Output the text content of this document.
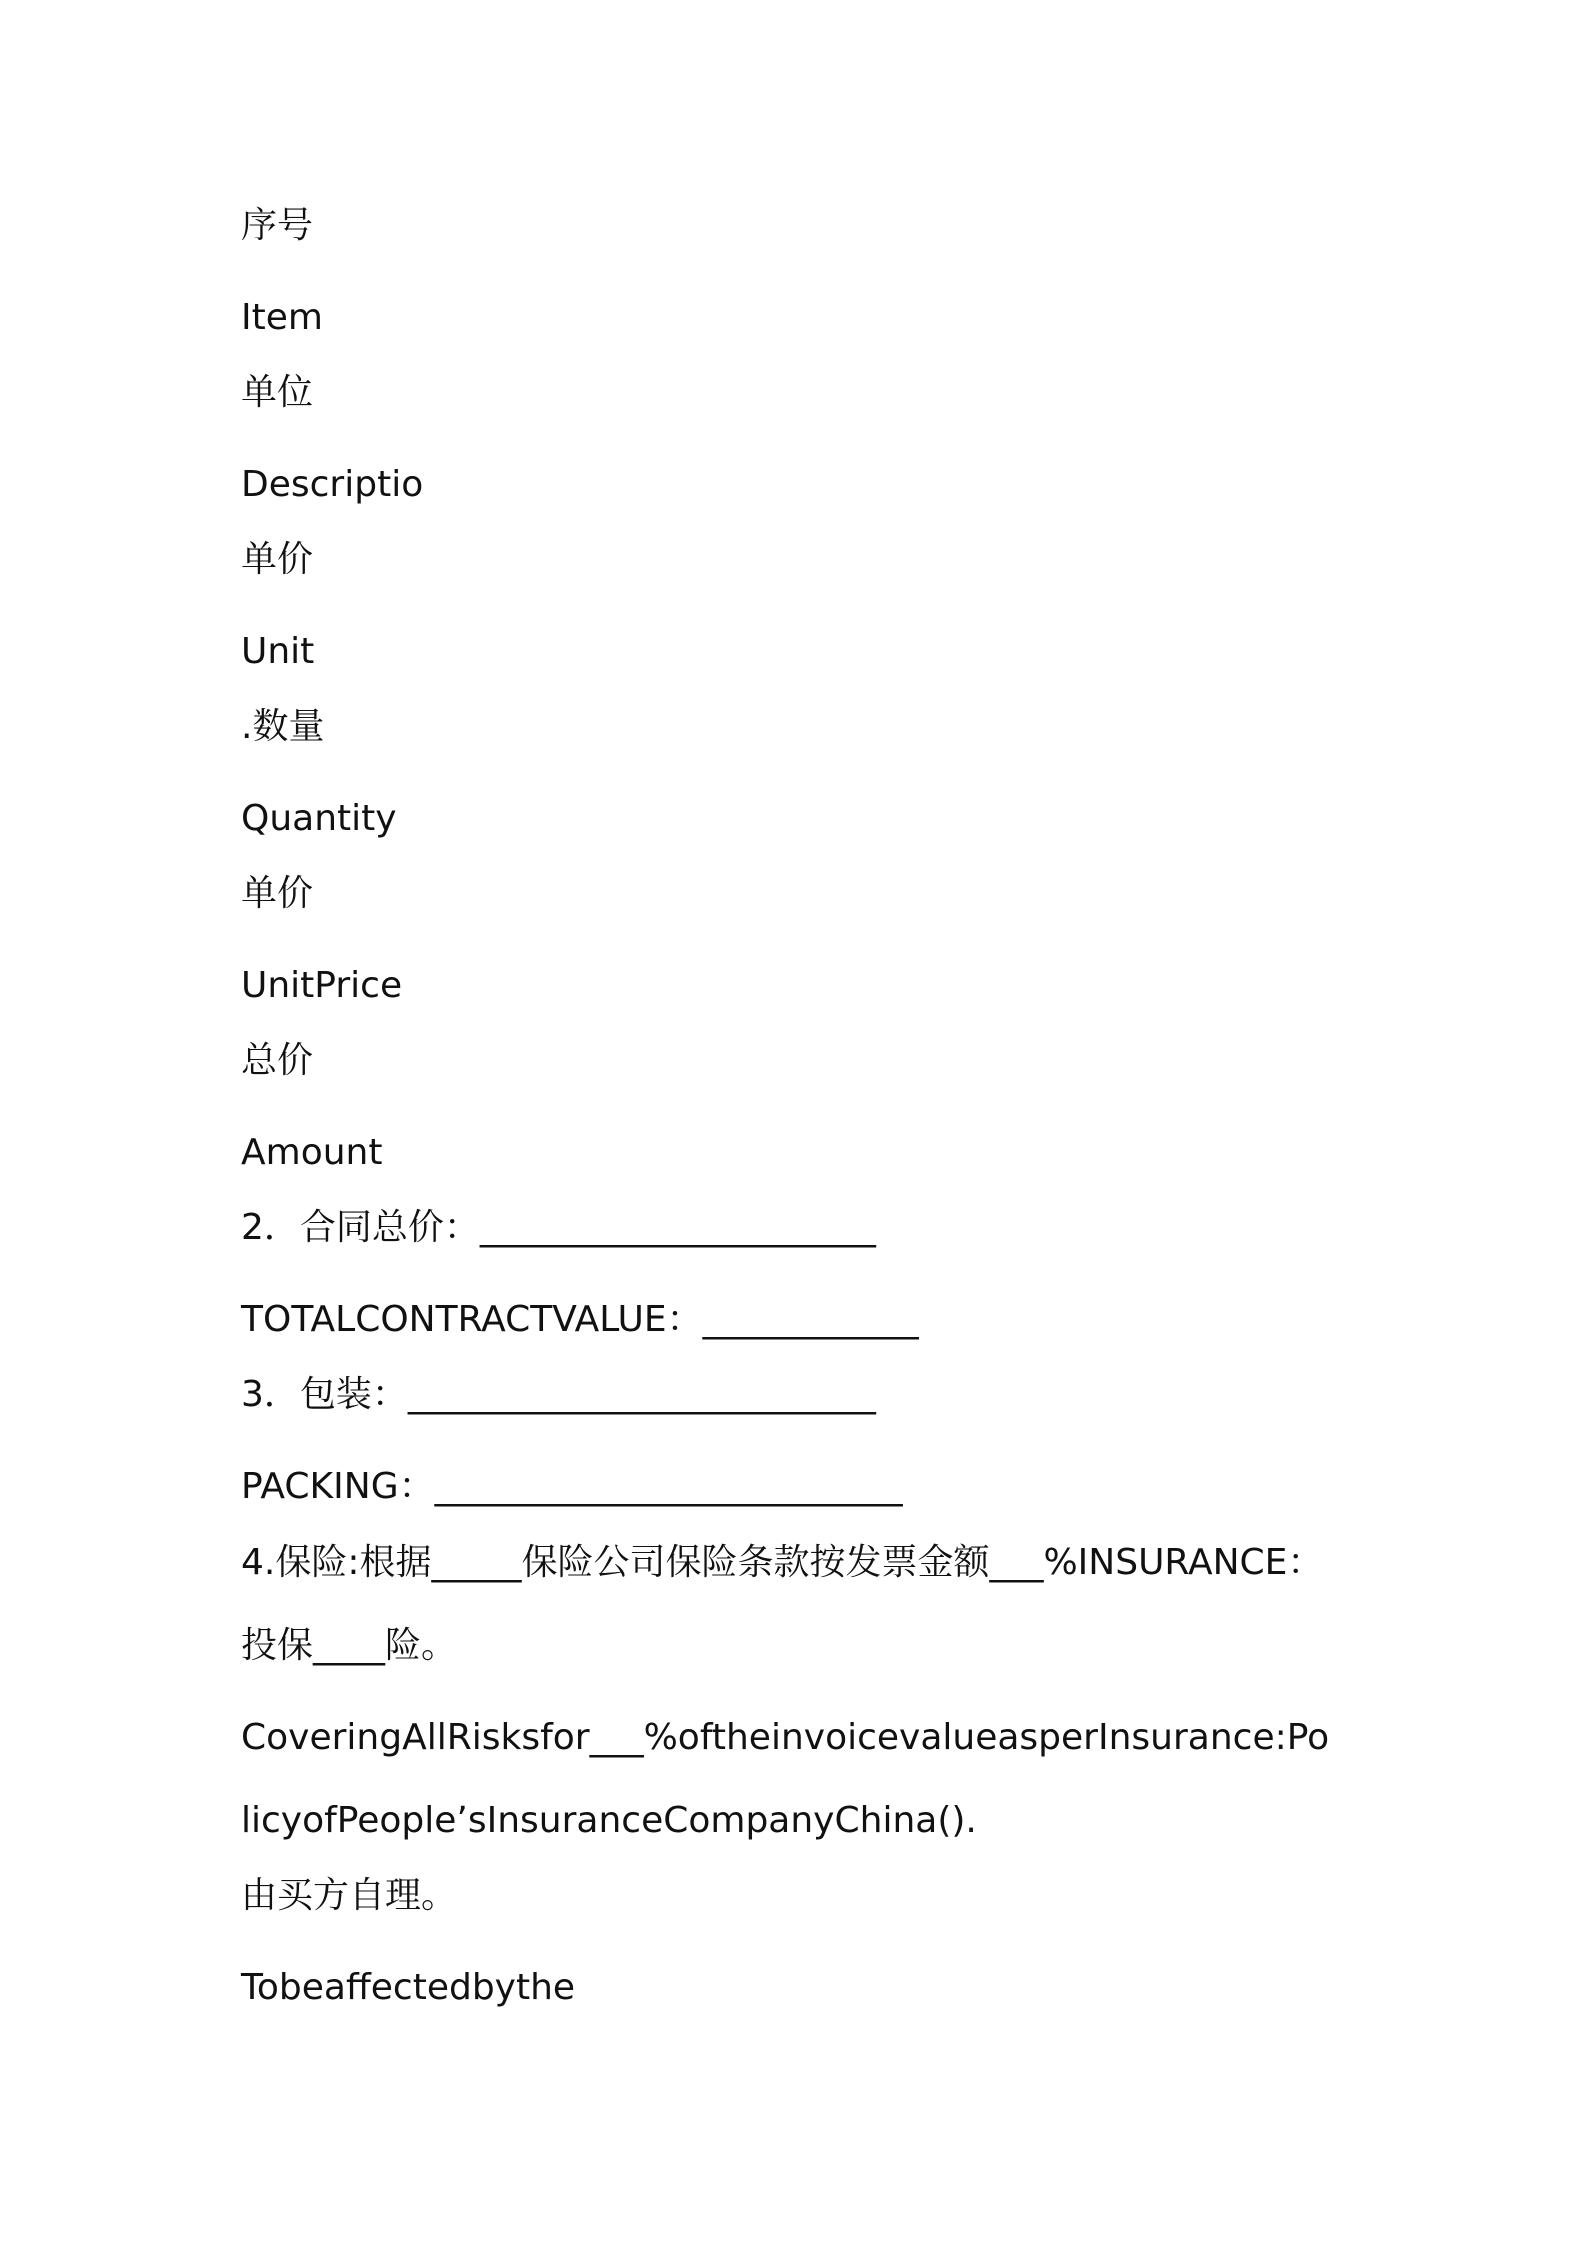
序号

Item

单位

Descriptio

单价

Unit

.数量

Quantity

单价

UnitPrice

总价

Amount

2．合同总价：______________________

TOTALCONTRACTVALUE：____________

3．包装：__________________________

PACKING：__________________________

4.保险:根据_____保险公司保险条款按发票金额___%INSURANCE：

投保____险。

CoveringAllRisksfor___%oftheinvoicevalueasperInsurance:Po

licyofPeople’sInsuranceCompanyChina().

由买方自理。

Tobeaffectedbythe
